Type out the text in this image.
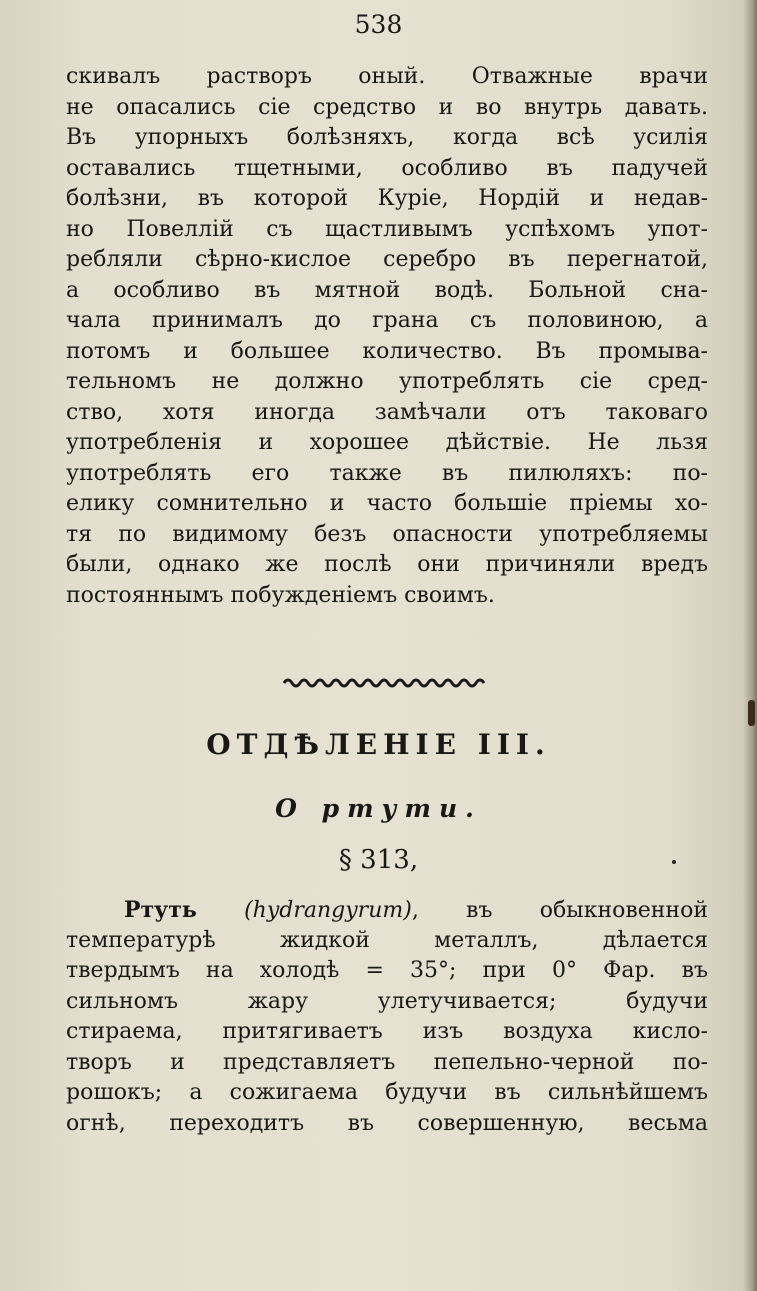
538
скивалъ растворъ оный. Отважные врачи
не опасались сіе средство и во внутрь давать.
Въ упорныхъ болѣзняхъ, когда всѣ усилія
оставались тщетными, особливо въ падучей
болѣзни, въ которой Куріе, Нордій и недав-
но Повеллій съ щастливымъ успѣхомъ упот-
ребляли сѣрно-кислое серебро въ перегнатой,
а особливо въ мятной водѣ. Больной сна-
чала принималъ до грана съ половиною, а
потомъ и большее количество. Въ промыва-
тельномъ не должно употреблять сіе сред-
ство, хотя иногда замѣчали отъ таковаго
употребленія и хорошее дѣйствіе. Не льзя
употреблять его также въ пилюляхъ: по-
елику сомнительно и часто большіе пріемы хо-
тя по видимому безъ опасности употребляемы
были, однако же послѣ они причиняли вредъ
постояннымъ побужденіемъ своимъ.
ОТДѢЛЕНІЕ III.
О ртути.
§ 313,
Ртуть (hydrangyrum), въ обыкновенной
температурѣ жидкой металлъ, дѣлается
твердымъ на холодѣ = 35°; при 0° Фар. въ
сильномъ жару улетучивается; будучи
стираема, притягиваетъ изъ воздуха кисло-
творъ и представляетъ пепельно-черной по-
рошокъ; а сожигаема будучи въ сильнѣйшемъ
огнѣ, переходитъ въ совершенную, весьма
